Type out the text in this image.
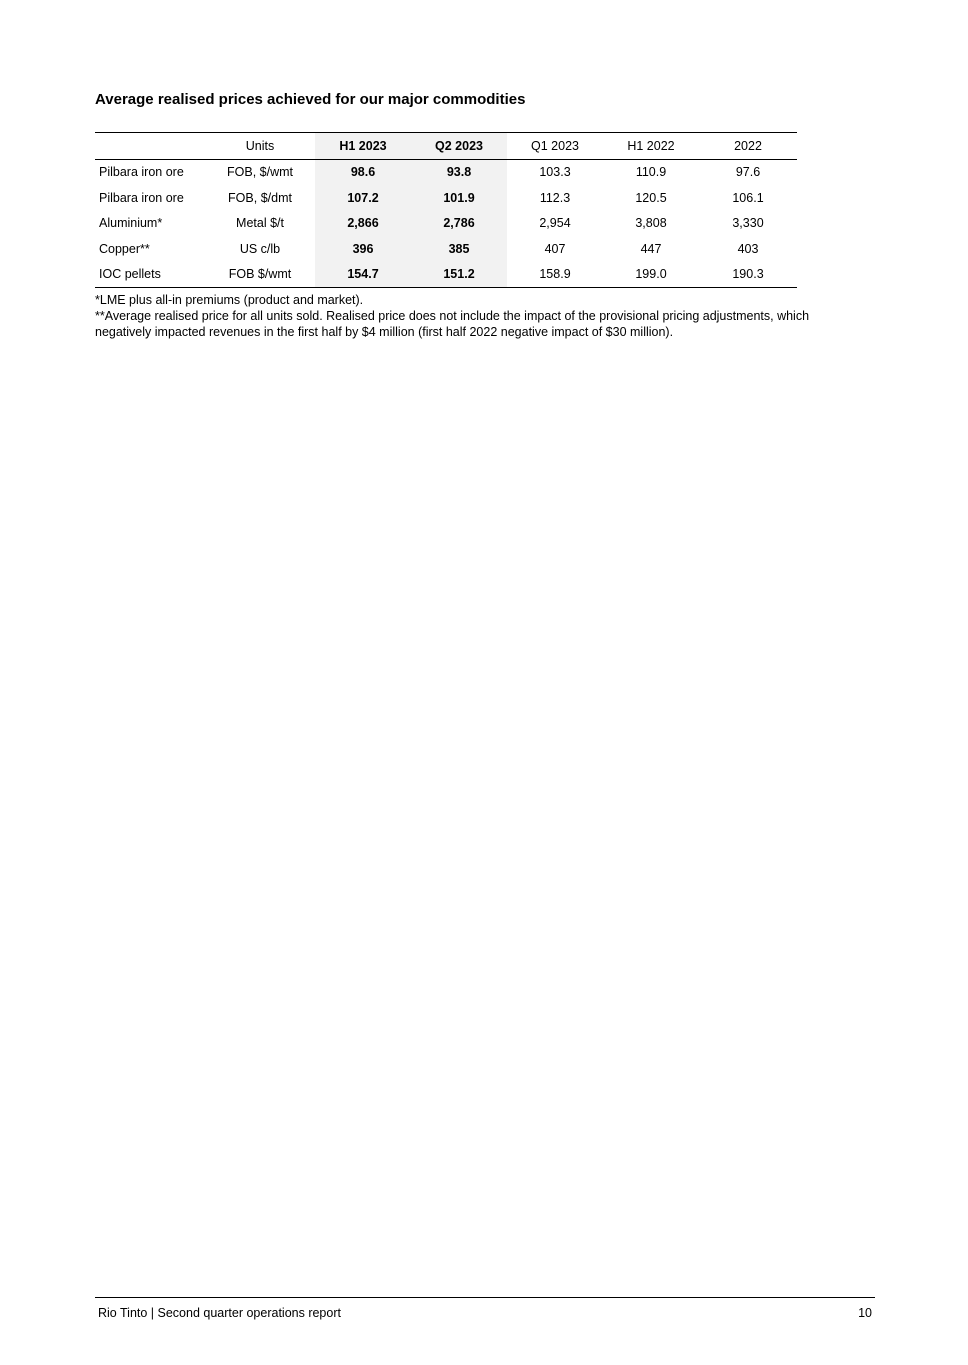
Average realised prices achieved for our major commodities
	Units	H1 2023	Q2 2023	Q1 2023	H1 2022	2022
Pilbara iron ore	FOB, $/wmt	98.6	93.8	103.3	110.9	97.6
Pilbara iron ore	FOB, $/dmt	107.2	101.9	112.3	120.5	106.1
Aluminium*	Metal $/t	2,866	2,786	2,954	3,808	3,330
Copper**	US c/lb	396	385	407	447	403
IOC pellets	FOB $/wmt	154.7	151.2	158.9	199.0	190.3

*LME plus all-in premiums (product and market).

**Average realised price for all units sold. Realised price does not include the impact of the provisional pricing adjustments, which negatively impacted revenues in the first half by $4 million (first half 2022 negative impact of $30 million).

Rio Tinto | Second quarter operations report	10
